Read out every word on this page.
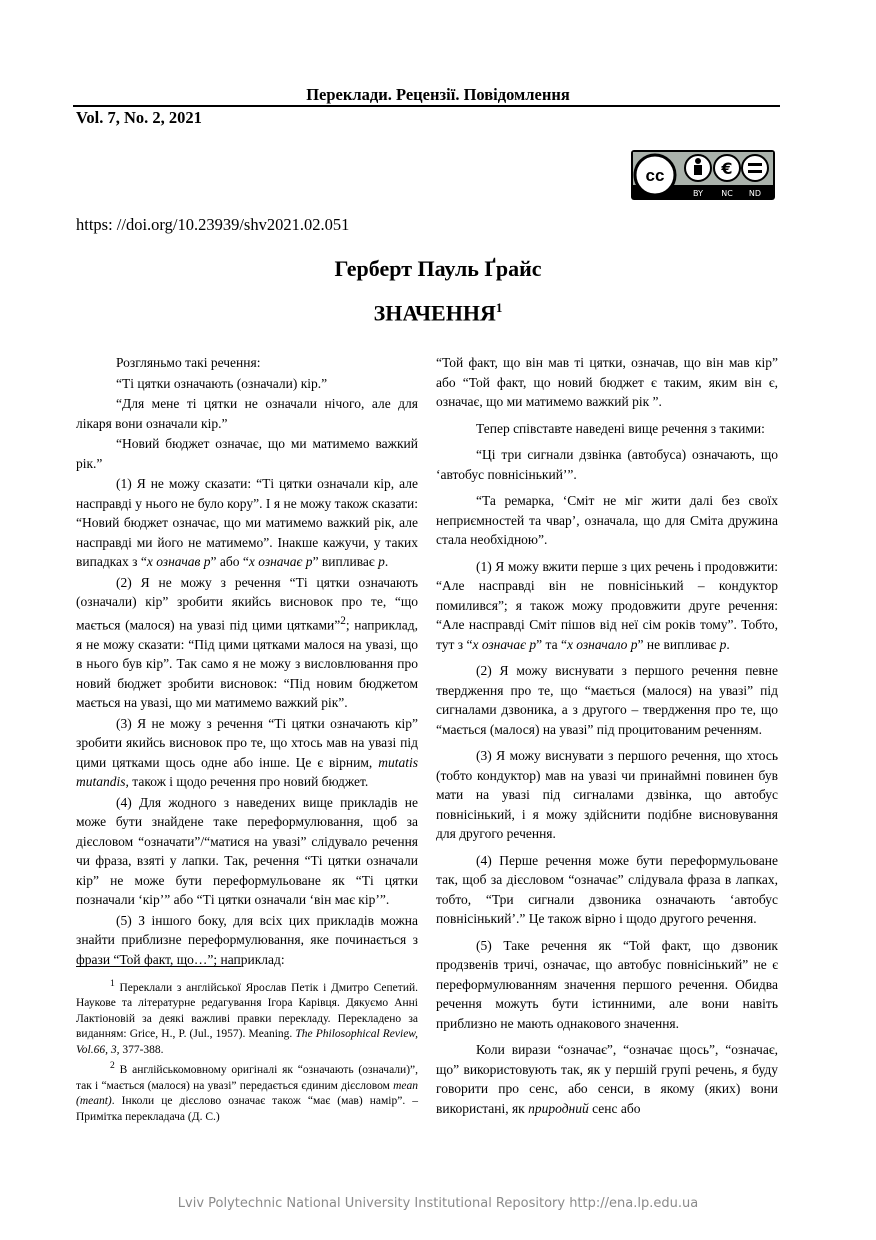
Переклади. Рецензії. Повідомлення
Vol. 7, No. 2, 2021
cc	€
BY NC ND
https: //doi.org/10.23939/shv2021.02.051
Герберт Пауль Ґрайс
ЗНАЧЕННЯ$^1$

Розгляньмо такі речення:

“Ті цятки означають (означали) кір.”

“Для мене ті цятки не означали нічого, але для лікаря вони означали кір.”

“Новий бюджет означає, що ми матимемо важкий рік.”

(1) Я не можу сказати: “Ті цятки означали кір, але насправді у нього не було кору”. І я не можу також сказати: “Новий бюджет означає, що ми матимемо важкий рік, але насправді ми його не матимемо”. Інакше кажучи, у таких випадках з “x означав p” або “x означає p” випливає p.

(2) Я не можу з речення “Ті цятки означають (означали) кір” зробити якийсь висновок про те, “що мається (малося) на увазі під цими цятками”$^2$; наприклад, я не можу сказати: “Під цими цятками малося на увазі, що в нього був кір”. Так само я не можу з висловлювання про новий бюджет зробити висновок: “Під новим бюджетом мається на увазі, що ми матимемо важкий рік”.

(3) Я не можу з речення “Ті цятки означають кір” зробити якийсь висновок про те, що хтось мав на увазі під цими цятками щось одне або інше. Це є вірним, mutatis mutandis, також і щодо речення про новий бюджет.

(4) Для жодного з наведених вище прикладів не може бути знайдене таке переформулювання, щоб за дієсловом “означати”/“матися на увазі” слідувало речення чи фраза, взяті у лапки. Так, речення “Ті цятки означали кір” не може бути переформульоване як “Ті цятки позначали ‘кір’” або “Ті цятки означали ‘він має кір’”.

(5) З іншого боку, для всіх цих прикладів можна знайти приблизне переформулювання, яке починається з фрази “Той факт, що…”; наприклад:

$^1$ Переклали з англійської Ярослав Петік і Дмитро Сепетий. Наукове та літературне редагування Ігора Карівця. Дякуємо Анні Лактіоновій за деякі важливі правки перекладу. Перекладено за виданням: Grice, H., P. (Jul., 1957). Meaning. The Philosophical Review, Vol.66, 3, 377-388.

$^2$ В англійськомовному оригіналі як “означають (означали)”, так і “мається (малося) на увазі” передається єдиним дієсловом mean (meant). Інколи це дієслово означає також “має (мав) намір”. – Примітка перекладача (Д. С.)

“Той факт, що він мав ті цятки, означав, що він мав кір” або “Той факт, що новий бюджет є таким, яким він є, означає, що ми матимемо важкий рік ”.

Тепер співставте наведені вище речення з такими:

“Ці три сигнали дзвінка (автобуса) означають, що ‘автобус повнісінький’”.

“Та ремарка, ‘Сміт не міг жити далі без своїх неприємностей та чвар’, означала, що для Сміта дружина стала необхідною”.

(1) Я можу вжити перше з цих речень і продовжити: “Але насправді він не повнісінький – кондуктор помилився”; я також можу продовжити друге речення: “Але насправді Сміт пішов від неї сім років тому”. Тобто, тут з “x означає p” та “x означало p” не випливає p.

(2) Я можу виснувати з першого речення певне твердження про те, що “мається (малося) на увазі” під сигналами дзвоника, а з другого – твердження про те, що “мається (малося) на увазі” під процитованим реченням.

(3) Я можу виснувати з першого речення, що хтось (тобто кондуктор) мав на увазі чи принаймні повинен був мати на увазі під сигналами дзвінка, що автобус повнісінький, і я можу здійснити подібне висновування для другого речення.

(4) Перше речення може бути переформульоване так, щоб за дієсловом “означає” слідувала фраза в лапках, тобто, “Три сигнали дзвоника означають ‘автобус повнісінький’.” Це також вірно і щодо другого речення.

(5) Таке речення як “Той факт, що дзвоник продзвенів тричі, означає, що автобус повнісінький” не є переформулюванням значення першого речення. Обидва речення можуть бути істинними, але вони навіть приблизно не мають однакового значення.

Коли вирази “означає”, “означає щось”, “означає, що” використовують так, як у першій групі речень, я буду говорити про сенс, або сенси, в якому (яких) вони використані, як природний сенс або

Lviv Polytechnic National University Institutional Repository http://ena.lp.edu.ua
